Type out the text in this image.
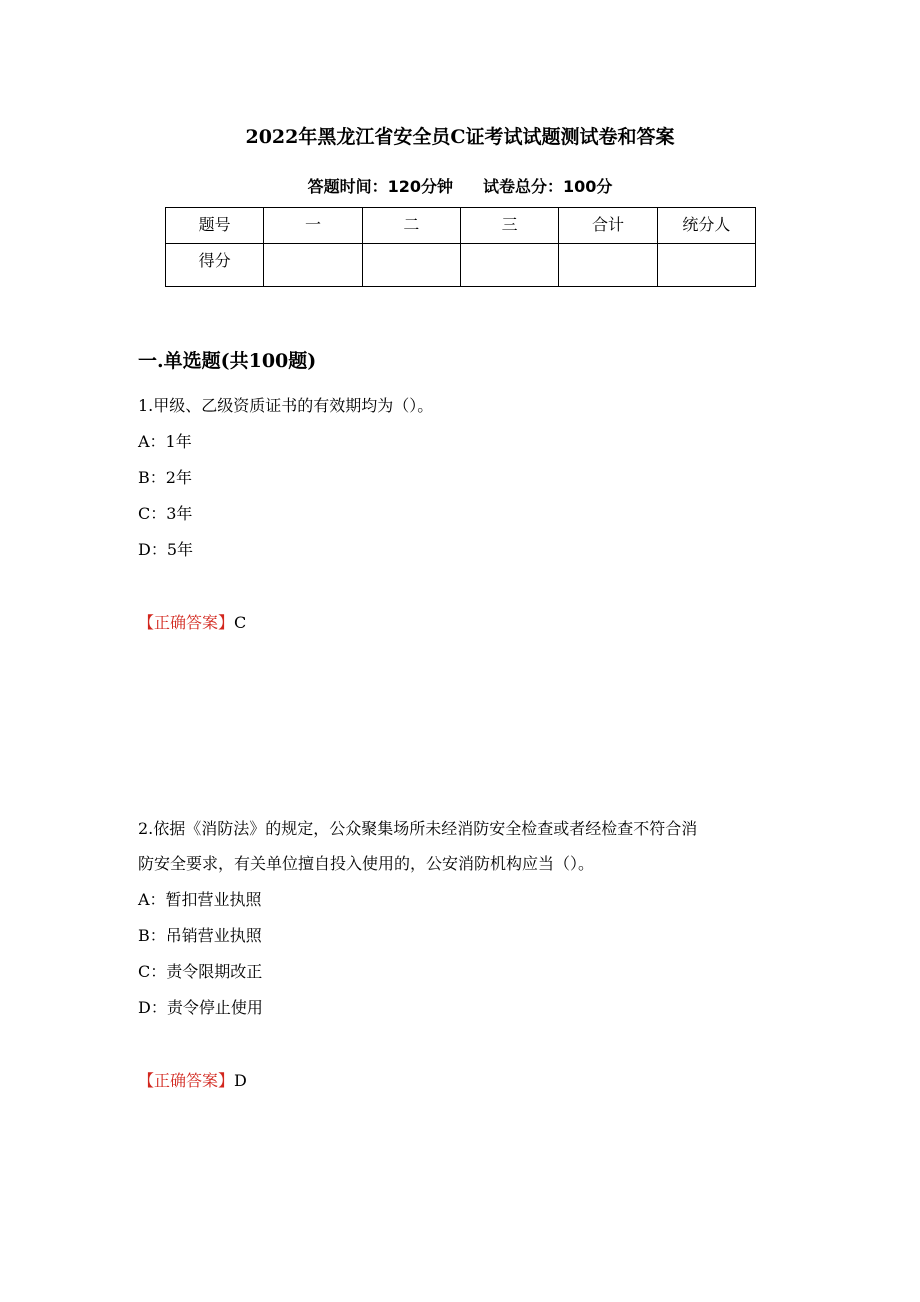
2022年黑龙江省安全员C证考试试题测试卷和答案
答题时间：120分钟 试卷总分：100分
题号	一	二	三	合计	统分人
得分					
一.单选题(共100题)
1.甲级、乙级资质证书的有效期均为（）。
A：1年
B：2年
C：3年
D：5年
【正确答案】C
2.依据《消防法》的规定，公众聚集场所未经消防安全检查或者经检查不符合消
防安全要求，有关单位擅自投入使用的，公安消防机构应当（）。
A：暂扣营业执照
B：吊销营业执照
C：责令限期改正
D：责令停止使用
【正确答案】D
